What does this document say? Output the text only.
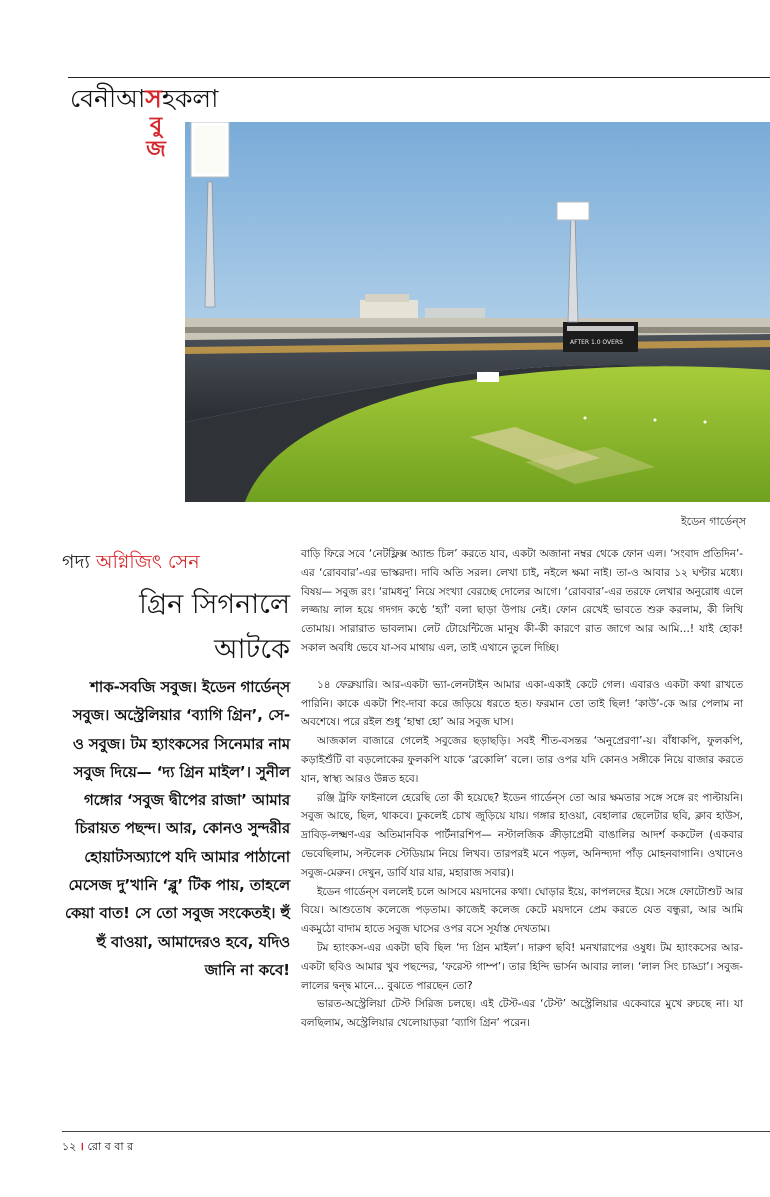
বেনীআসহকলা
বু
জ
AFTER 1.0 OVERS
ইডেন গার্ডেন্‌স
গদ্য অগ্নিজিৎ সেন
গ্রিন সিগনালে
আটকে
শাক-সবজি সবুজ। ইডেন গার্ডেন্‌স সবুজ। অস্ট্রেলিয়ার ‘ব্যাগি গ্রিন’, সে-ও সবুজ। টম হ্যাংকসের সিনেমার নাম সবুজ দিয়ে— ‘দ্য গ্রিন মাইল’। সুনীল গঙ্গোর ‘সবুজ দ্বীপের রাজা’ আমার চিরায়ত পছন্দ। আর, কোনও সুন্দরীর হোয়াটসঅ্যাপে যদি আমার পাঠানো মেসেজ দু’খানি ‘ব্লু’ টিক পায়, তাহলে কেয়া বাত! সে তো সবুজ সংকেতই। হুঁ হুঁ বাওয়া, আমাদেরও হবে, যদিও জানি না কবে!

বাড়ি ফিরে সবে ‘নেটফ্লিক্স অ্যান্ড চিল’ করতে যাব, একটা অজানা নম্বর থেকে ফোন এল। ‘সংবাদ প্রতিদিন’-এর ‘রোববার’-এর ভাস্করদা। দাবি অতি সরল। লেখা চাই, নইলে ক্ষমা নাই। তা-ও আবার ১২ ঘণ্টার মধ্যে। বিষয়— সবুজ রং। ‘রামধনু’ নিয়ে সংখ্যা বেরচ্ছে দোলের আগে। ‘রোববার’-এর তরফে লেখার অনুরোধ এলে লজ্জায় লাল হয়ে গদগদ কণ্ঠে ‘হ্যাঁ’ বলা ছাড়া উপায় নেই। ফোন রেখেই ভাবতে শুরু করলাম, কী লিখি তোমায়। সারারাত ভাবলাম। লেট টোয়েন্টিজে মানুষ কী-কী কারণে রাত জাগে আর আমি…! যাই হোক! সকাল অবধি ভেবে যা-সব মাথায় এল, তাই এখানে তুলে দিচ্ছি।

১৪ ফেব্রুয়ারি। আর-একটা ভ্যা-লেনটাইন আমার একা-একাই কেটে গেল। এবারও একটা কথা রাখতে পারিনি। কাকে একটা শিং-দাবা করে জড়িয়ে ধরতে হত। ফরমান তো তাই ছিল! ‘কাউ’-কে আর পেলাম না অবশেষে। পরে রইল শুধু ‘হাম্বা হো’ আর সবুজ ঘাস।

আজকাল বাজারে গেলেই সবুজের ছড়াছড়ি। সবই শীত-বসন্তর ‘অনুপ্রেরণা’-য়। বাঁধাকপি, ফুলকপি, কড়াইশুঁটি বা বড়লোকের ফুলকপি যাকে ‘ব্রকোলি’ বলে। তার ওপর যদি কোনও সঙ্গীকে নিয়ে বাজার করতে যান, স্বাস্থ্য আরও উন্নত হবে।

রঞ্জি ট্রফি ফাইনালে হেরেছি তো কী হয়েছে? ইডেন গার্ডেন্‌স তো আর ক্ষমতার সঙ্গে সঙ্গে রং পাল্টায়নি। সবুজ আছে, ছিল, থাকবে। ঢুকলেই চোখ জুড়িয়ে যায়। গঙ্গার হাওয়া, বেহালার ছেলেটার ছবি, ক্লাব হাউস, দ্রাবিড়-লক্ষ্মণ-এর অতিমানবিক পার্টনারশিপ— নস্টালজিক ক্রীড়াপ্রেমী বাঙালির আদর্শ ককটেল (একবার ভেবেছিলাম, সল্টলেক স্টেডিয়াম নিয়ে লিখব। তারপরই মনে পড়ল, অনিন্দ্যদা পাঁড় মোহনবাগানি। ওখানেও সবুজ-মেরুন। দেখুন, ডার্বি যার যার, মহারাজ সবার)।

ইডেন গার্ডেন্‌স বললেই চলে আসবে ময়দানের কথা। ঘোড়ার ইয়ে, কাপলদের ইয়ে। সঙ্গে ফোটোশুট আর বিয়ে। আশুতোষ কলেজে পড়তাম। কাজেই কলেজ কেটে ময়দানে প্রেম করতে যেত বন্ধুরা, আর আমি একমুঠো বাদাম হাতে সবুজ ঘাসের ওপর বসে সূর্যাস্ত দেখতাম।

টম হ্যাংকস-এর একটা ছবি ছিল ‘দ্য গ্রিন মাইল’। দারুণ ছবি! মনখারাপের ওষুধ। টম হ্যাংকসের আর-একটা ছবিও আমার খুব পছন্দের, ‘ফরেস্ট গাম্প’। তার হিন্দি ভার্সন আবার লাল। ‘লাল সিং চাড্ডা’। সবুজ-লালের দ্বন্দ্ব মানে… বুঝতে পারছেন তো?

ভারত-অস্ট্রেলিয়া টেস্ট সিরিজ চলছে। এই টেস্ট-এর ‘টেস্ট’ অস্ট্রেলিয়ার একেবারে মুখে রুচছে না। যা বলছিলাম, অস্ট্রেলিয়ার খেলোয়াড়রা ‘ব্যাগি গ্রিন’ পরেন।

১২ । রো ব বা র
